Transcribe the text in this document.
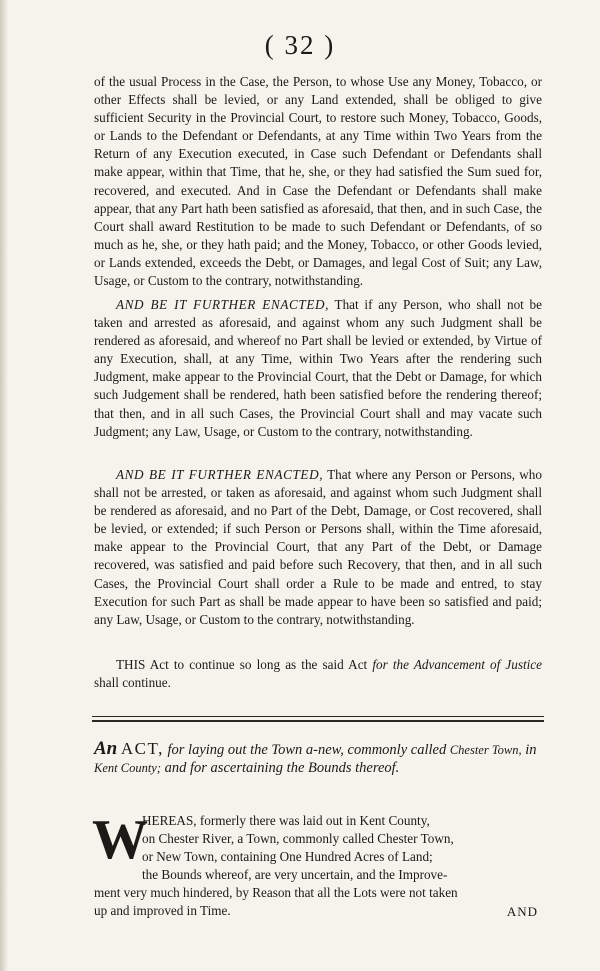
( 32 )

of the usual Process in the Case, the Person, to whose Use any Money, Tobacco, or other Effects shall be levied, or any Land extended, shall be obliged to give sufficient Security in the Provincial Court, to restore such Money, Tobacco, Goods, or Lands to the Defendant or Defendants, at any Time within Two Years from the Return of any Execution executed, in Case such Defendant or Defendants shall make appear, within that Time, that he, she, or they had satisfied the Sum sued for, recovered, and executed. And in Case the Defendant or Defendants shall make appear, that any Part hath been satisfied as aforesaid, that then, and in such Case, the Court shall award Restitution to be made to such Defendant or Defendants, of so much as he, she, or they hath paid; and the Money, Tobacco, or other Goods levied, or Lands extended, exceeds the Debt, or Damages, and legal Cost of Suit; any Law, Usage, or Custom to the contrary, notwithstanding.

AND BE IT FURTHER ENACTED, That if any Person, who shall not be taken and arrested as aforesaid, and against whom any such Judgment shall be rendered as aforesaid, and whereof no Part shall be levied or extended, by Virtue of any Execution, shall, at any Time, within Two Years after the rendering such Judgment, make appear to the Provincial Court, that the Debt or Damage, for which such Judgement shall be rendered, hath been satisfied before the rendering thereof; that then, and in all such Cases, the Provincial Court shall and may vacate such Judgment; any Law, Usage, or Custom to the contrary, notwithstanding.

AND BE IT FURTHER ENACTED, That where any Person or Persons, who shall not be arrested, or taken as aforesaid, and against whom such Judgment shall be rendered as aforesaid, and no Part of the Debt, Damage, or Cost recovered, shall be levied, or extended; if such Person or Persons shall, within the Time aforesaid, make appear to the Provincial Court, that any Part of the Debt, or Damage recovered, was satisfied and paid before such Recovery, that then, and in all such Cases, the Provincial Court shall order a Rule to be made and entred, to stay Execution for such Part as shall be made appear to have been so satisfied and paid; any Law, Usage, or Custom to the contrary, notwithstanding.

THIS Act to continue so long as the said Act for the Advancement of Justice shall continue.

An ACT, for laying out the Town a-new, commonly called Chester Town, in Kent County; and for ascertaining the Bounds thereof.

W

HEREAS, formerly there was laid out in Kent County,
on Chester River, a Town, commonly called Chester Town,
or New Town, containing One Hundred Acres of Land;
the Bounds whereof, are very uncertain, and the Improve-
ment very much hindered, by Reason that all the Lots were not taken
up and improved in Time.	AND
